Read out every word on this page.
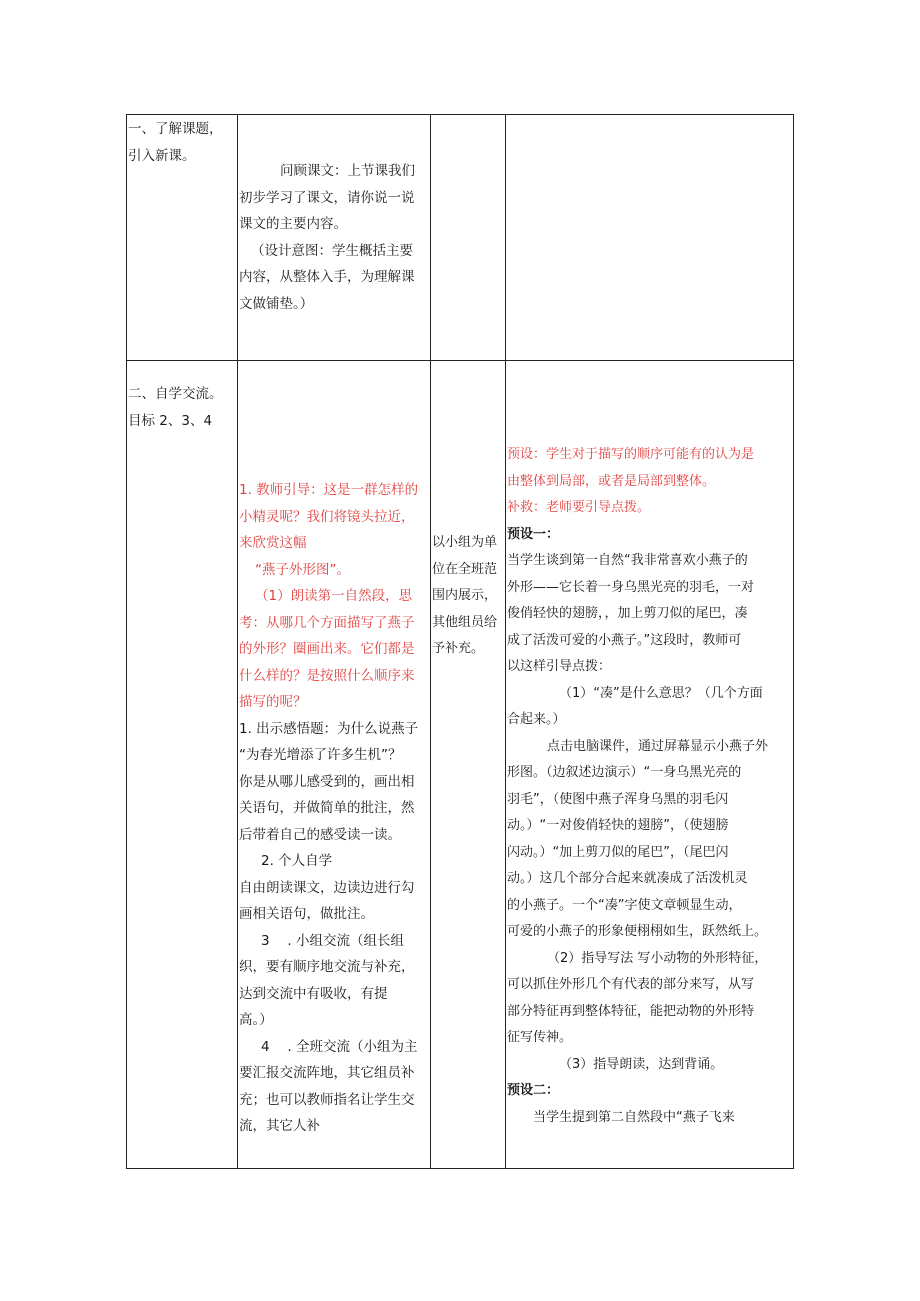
一、了解课题，

引入新课。

问顾课文：上节课我们

初步学习了课文，请你说一说

课文的主要内容。

（设计意图：学生概括主要

内容，从整体入手，为理解课

文做铺垫。）

二、自学交流。

目标 2、3、4

1. 教师引导：这是一群怎样的

小精灵呢？我们将镜头拉近，

来欣赏这幅

“燕子外形图”。

（1）朗读第一自然段，思

考：从哪几个方面描写了燕子

的外形？圈画出来。它们都是

什么样的？是按照什么顺序来

描写的呢？

1. 出示感悟题：为什么说燕子

“为春光增添了许多生机”？

你是从哪儿感受到的，画出相

关语句，并做简单的批注，然

后带着自己的感受读一读。

2. 个人自学

自由朗读课文，边读边进行勾

画相关语句，做批注。

3　 . 小组交流（组长组

织，要有顺序地交流与补充，

达到交流中有吸收，有提

高。）

4　 . 全班交流（小组为主

要汇报交流阵地，其它组员补

充；也可以教师指名让学生交

流，其它人补

以小组为单

位在全班范

围内展示，

其他组员给

予补充。

预设：学生对于描写的顺序可能有的认为是

由整体到局部，或者是局部到整体。

补救：老师要引导点拨。

预设一：

当学生谈到第一自然“我非常喜欢小燕子的

外形——它长着一身乌黑光亮的羽毛，一对

俊俏轻快的翅膀，，加上剪刀似的尾巴，凑

成了活泼可爱的小燕子。”这段时，教师可

以这样引导点拨：

（1）“凑”是什么意思？（几个方面

合起来。）

点击电脑课件，通过屏幕显示小燕子外

形图。（边叙述边演示）“一身乌黑光亮的

羽毛”，（使图中燕子浑身乌黑的羽毛闪

动。）“一对俊俏轻快的翅膀”，（使翅膀

闪动。）“加上剪刀似的尾巴”，（尾巴闪

动。）这几个部分合起来就凑成了活泼机灵

的小燕子。一个“凑”字使文章顿显生动，

可爱的小燕子的形象便栩栩如生，跃然纸上。

（2）指导写法 写小动物的外形特征，

可以抓住外形几个有代表的部分来写，从写

部分特征再到整体特征，能把动物的外形特

征写传神。

（3）指导朗读，达到背诵。

预设二：

当学生提到第二自然段中“燕子飞来
